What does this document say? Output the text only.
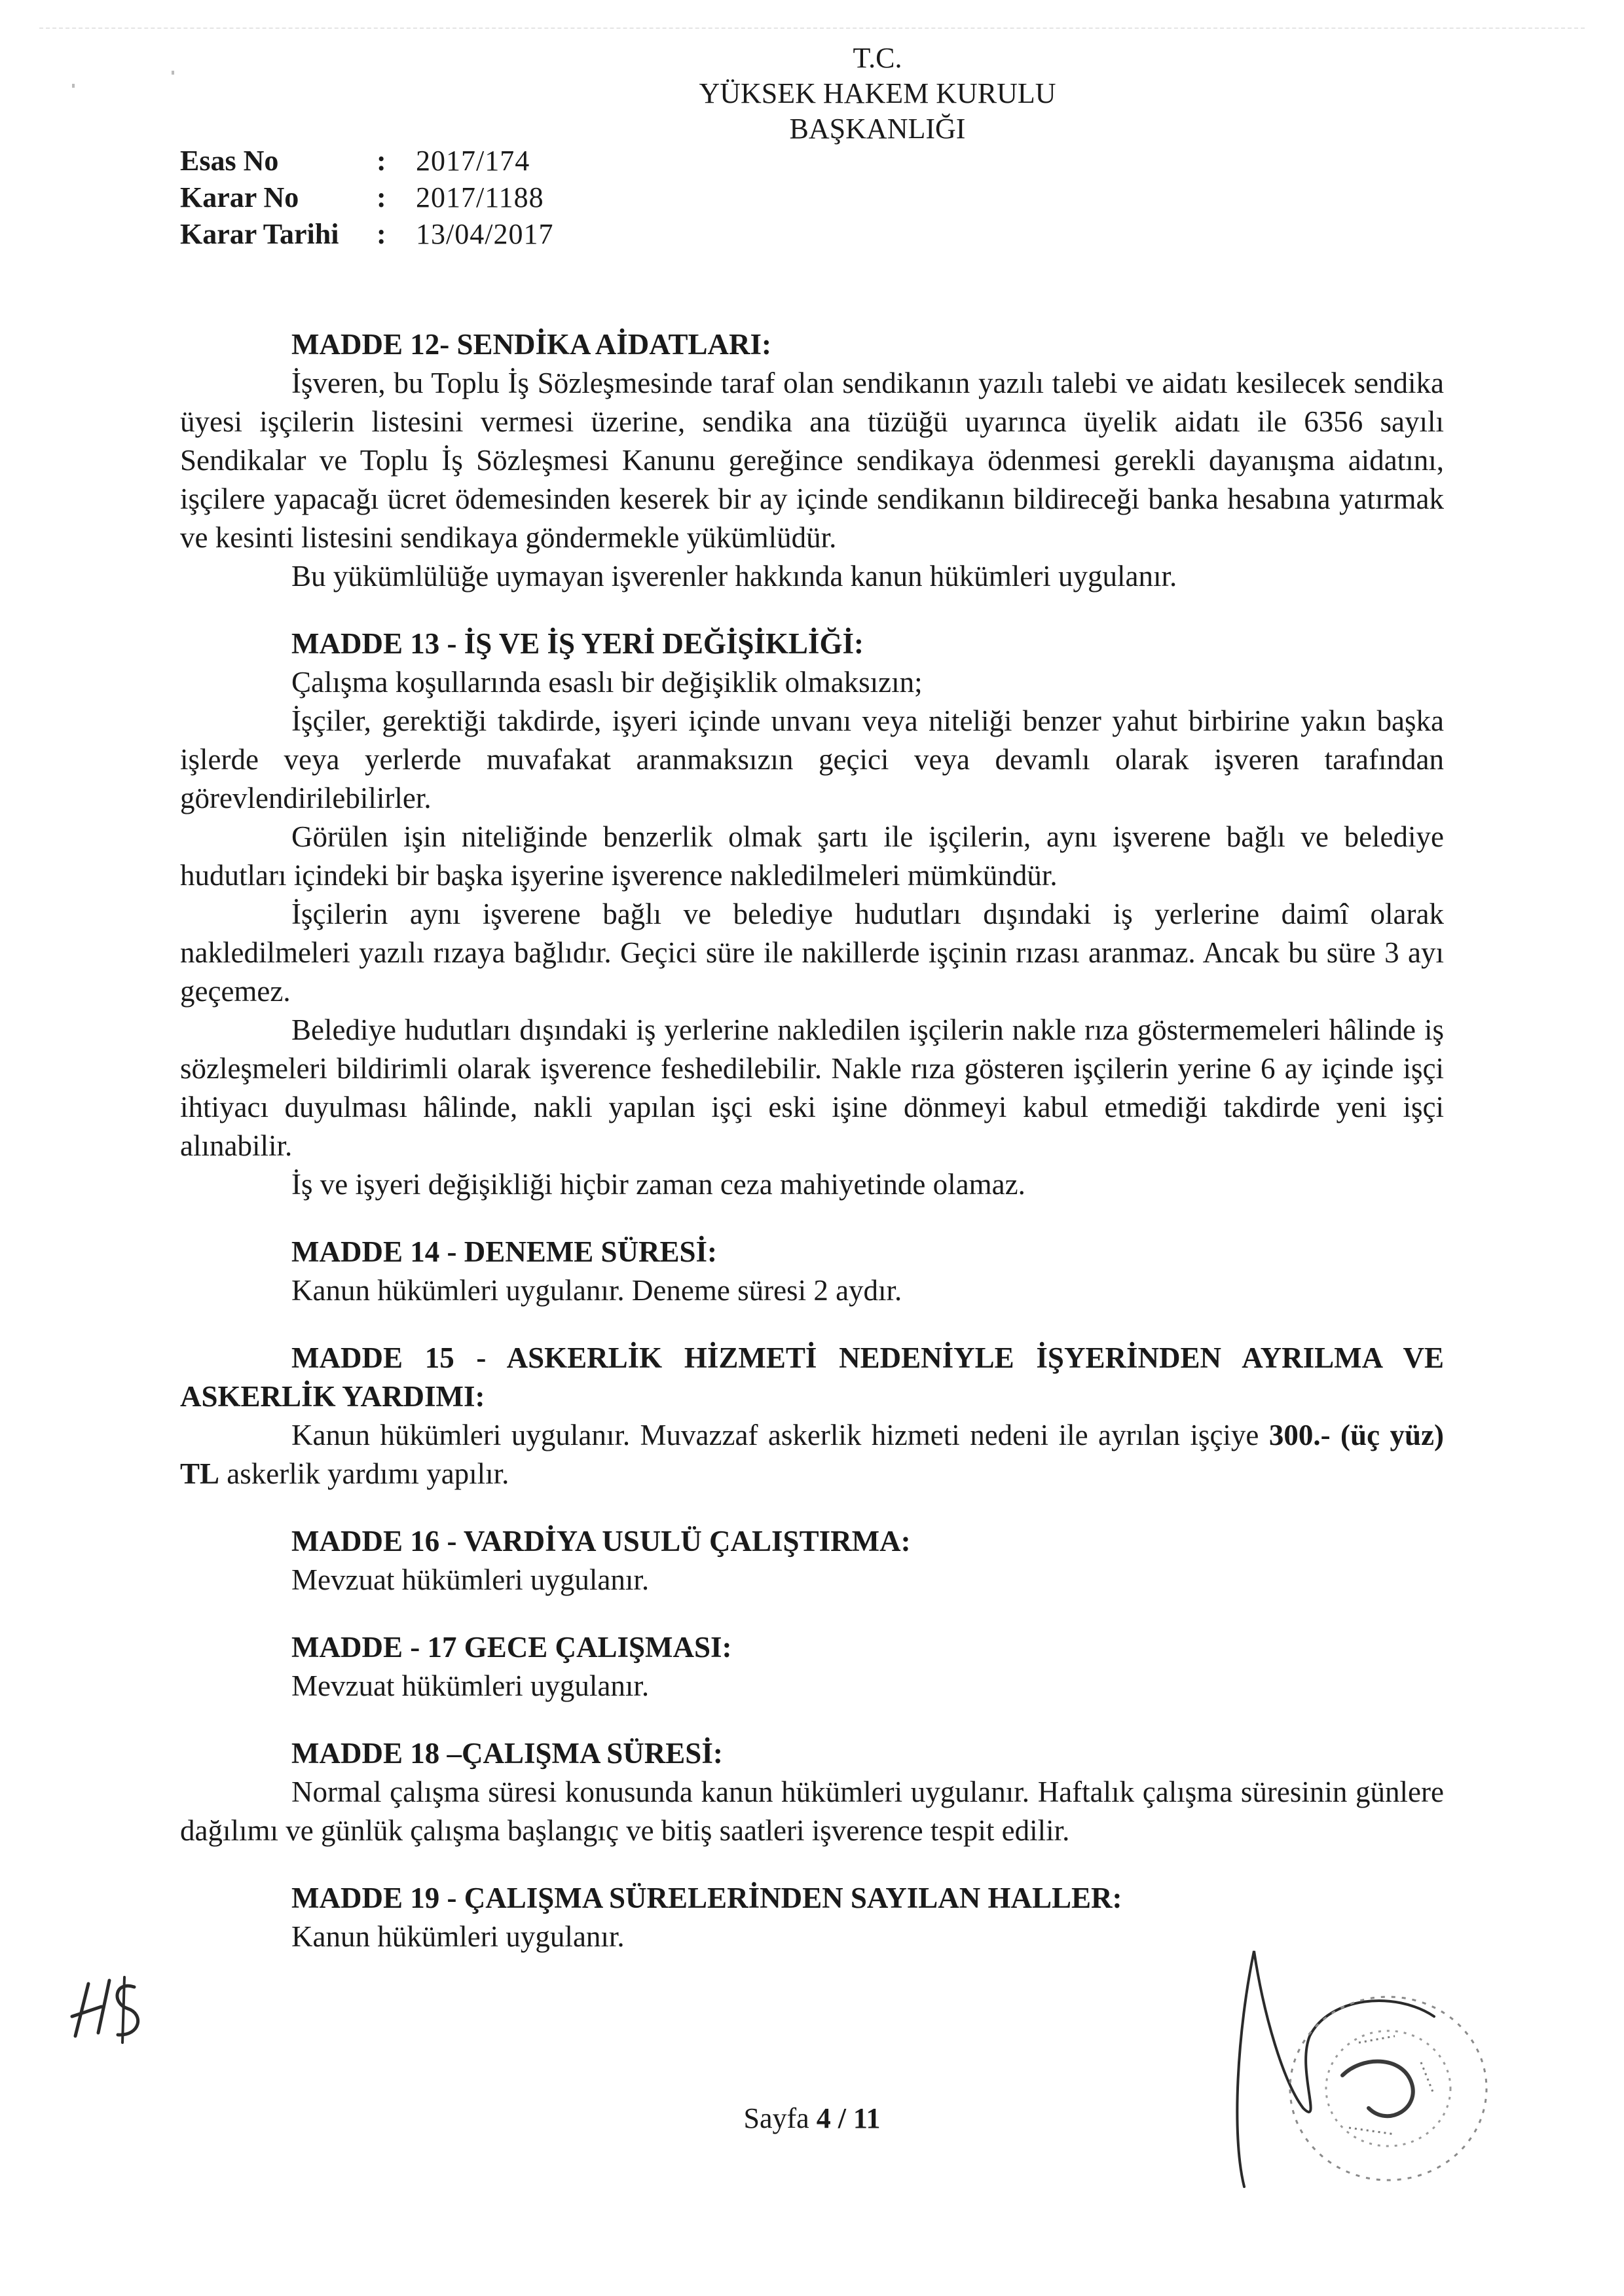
T.C.
YÜKSEK HAKEM KURULU
BAŞKANLIĞI
Esas No	:	2017/174
Karar No	:	2017/1188
Karar Tarihi	:	13/04/2017

MADDE 12- SENDİKA AİDATLARI:

İşveren, bu Toplu İş Sözleşmesinde taraf olan sendikanın yazılı talebi ve aidatı kesilecek sendika üyesi işçilerin listesini vermesi üzerine, sendika ana tüzüğü uyarınca üyelik aidatı ile 6356 sayılı Sendikalar ve Toplu İş Sözleşmesi Kanunu gereğince sendikaya ödenmesi gerekli dayanışma aidatını, işçilere yapacağı ücret ödemesinden keserek bir ay içinde sendikanın bildireceği banka hesabına yatırmak ve kesinti listesini sendikaya göndermekle yükümlüdür.

Bu yükümlülüğe uymayan işverenler hakkında kanun hükümleri uygulanır.

MADDE 13 - İŞ VE İŞ YERİ DEĞİŞİKLİĞİ:

Çalışma koşullarında esaslı bir değişiklik olmaksızın;

İşçiler, gerektiği takdirde, işyeri içinde unvanı veya niteliği benzer yahut birbirine yakın başka işlerde veya yerlerde muvafakat aranmaksızın geçici veya devamlı olarak işveren tarafından görevlendirilebilirler.

Görülen işin niteliğinde benzerlik olmak şartı ile işçilerin, aynı işverene bağlı ve belediye hudutları içindeki bir başka işyerine işverence nakledilmeleri mümkündür.

İşçilerin aynı işverene bağlı ve belediye hudutları dışındaki iş yerlerine daimî olarak nakledilmeleri yazılı rızaya bağlıdır. Geçici süre ile nakillerde işçinin rızası aranmaz. Ancak bu süre 3 ayı geçemez.

Belediye hudutları dışındaki iş yerlerine nakledilen işçilerin nakle rıza göstermemeleri hâlinde iş sözleşmeleri bildirimli olarak işverence feshedilebilir. Nakle rıza gösteren işçilerin yerine 6 ay içinde işçi ihtiyacı duyulması hâlinde, nakli yapılan işçi eski işine dönmeyi kabul etmediği takdirde yeni işçi alınabilir.

İş ve işyeri değişikliği hiçbir zaman ceza mahiyetinde olamaz.

MADDE 14 - DENEME SÜRESİ:

Kanun hükümleri uygulanır. Deneme süresi 2 aydır.

MADDE 15 - ASKERLİK HİZMETİ NEDENİYLE İŞYERİNDEN AYRILMA VE ASKERLİK YARDIMI:

Kanun hükümleri uygulanır. Muvazzaf askerlik hizmeti nedeni ile ayrılan işçiye 300.- (üç yüz) TL askerlik yardımı yapılır.

MADDE 16 - VARDİYA USULÜ ÇALIŞTIRMA:

Mevzuat hükümleri uygulanır.

MADDE - 17 GECE ÇALIŞMASI:

Mevzuat hükümleri uygulanır.

MADDE 18 –ÇALIŞMA SÜRESİ:

Normal çalışma süresi konusunda kanun hükümleri uygulanır. Haftalık çalışma süresinin günlere dağılımı ve günlük çalışma başlangıç ve bitiş saatleri işverence tespit edilir.

MADDE 19 - ÇALIŞMA SÜRELERİNDEN SAYILAN HALLER:

Kanun hükümleri uygulanır.

Sayfa 4 / 11
